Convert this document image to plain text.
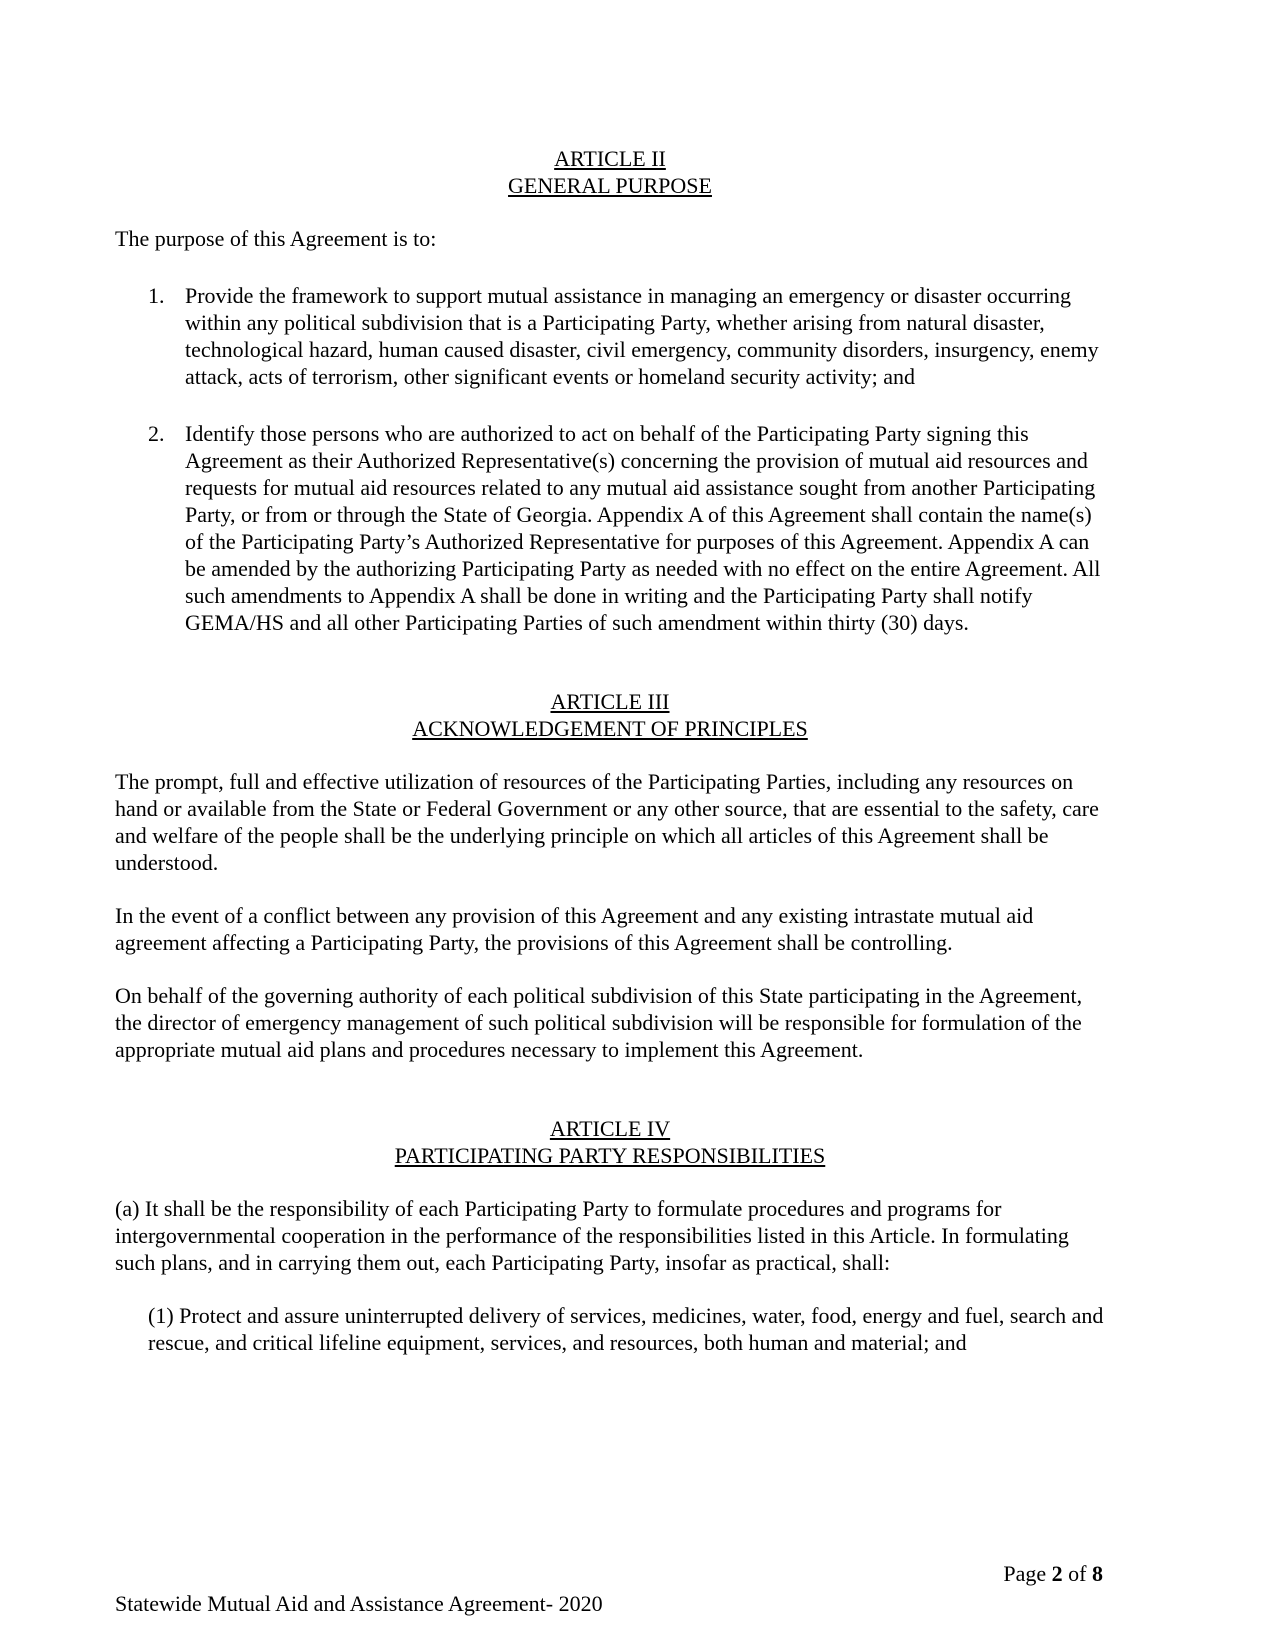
ARTICLE II
GENERAL PURPOSE

The purpose of this Agreement is to:

1. Provide the framework to support mutual assistance in managing an emergency or disaster occurring within any political subdivision that is a Participating Party, whether arising from natural disaster, technological hazard, human caused disaster, civil emergency, community disorders, insurgency, enemy attack, acts of terrorism, other significant events or homeland security activity; and
2. Identify those persons who are authorized to act on behalf of the Participating Party signing this Agreement as their Authorized Representative(s) concerning the provision of mutual aid resources and requests for mutual aid resources related to any mutual aid assistance sought from another Participating Party, or from or through the State of Georgia. Appendix A of this Agreement shall contain the name(s) of the Participating Party’s Authorized Representative for purposes of this Agreement. Appendix A can be amended by the authorizing Participating Party as needed with no effect on the entire Agreement. All such amendments to Appendix A shall be done in writing and the Participating Party shall notify GEMA/HS and all other Participating Parties of such amendment within thirty (30) days.
ARTICLE III
ACKNOWLEDGEMENT OF PRINCIPLES

The prompt, full and effective utilization of resources of the Participating Parties, including any resources on hand or available from the State or Federal Government or any other source, that are essential to the safety, care and welfare of the people shall be the underlying principle on which all articles of this Agreement shall be understood.

In the event of a conflict between any provision of this Agreement and any existing intrastate mutual aid agreement affecting a Participating Party, the provisions of this Agreement shall be controlling.

On behalf of the governing authority of each political subdivision of this State participating in the Agreement, the director of emergency management of such political subdivision will be responsible for formulation of the appropriate mutual aid plans and procedures necessary to implement this Agreement.

ARTICLE IV
PARTICIPATING PARTY RESPONSIBILITIES

(a) It shall be the responsibility of each Participating Party to formulate procedures and programs for intergovernmental cooperation in the performance of the responsibilities listed in this Article. In formulating such plans, and in carrying them out, each Participating Party, insofar as practical, shall:

(1) Protect and assure uninterrupted delivery of services, medicines, water, food, energy and fuel, search and rescue, and critical lifeline equipment, services, and resources, both human and material; and

Page 2 of 8
Statewide Mutual Aid and Assistance Agreement- 2020
